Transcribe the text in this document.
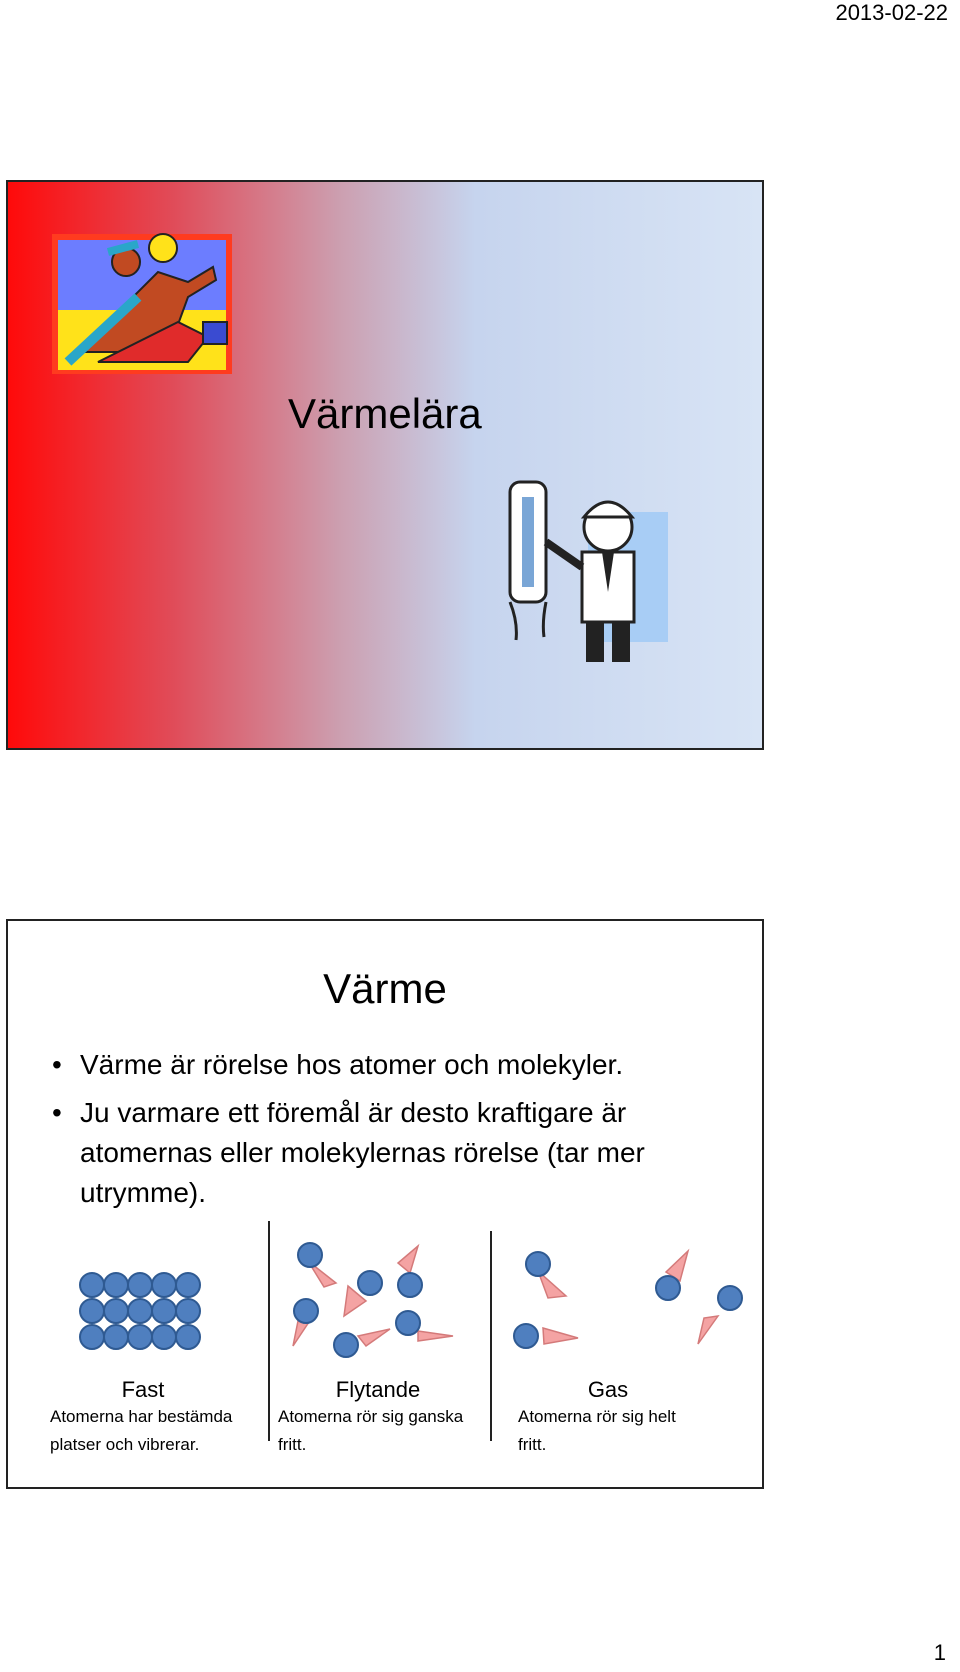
2013-02-22
Värmelära
Värme
• Värme är rörelse hos atomer och molekyler.
• Ju varmare ett föremål är desto kraftigare är atomernas eller molekylernas rörelse (tar mer utrymme).
Fast	Flytande	Gas
Atomerna har bestämda platser och vibrerar.
Atomerna rör sig ganska fritt.
Atomerna rör sig helt fritt.
1
